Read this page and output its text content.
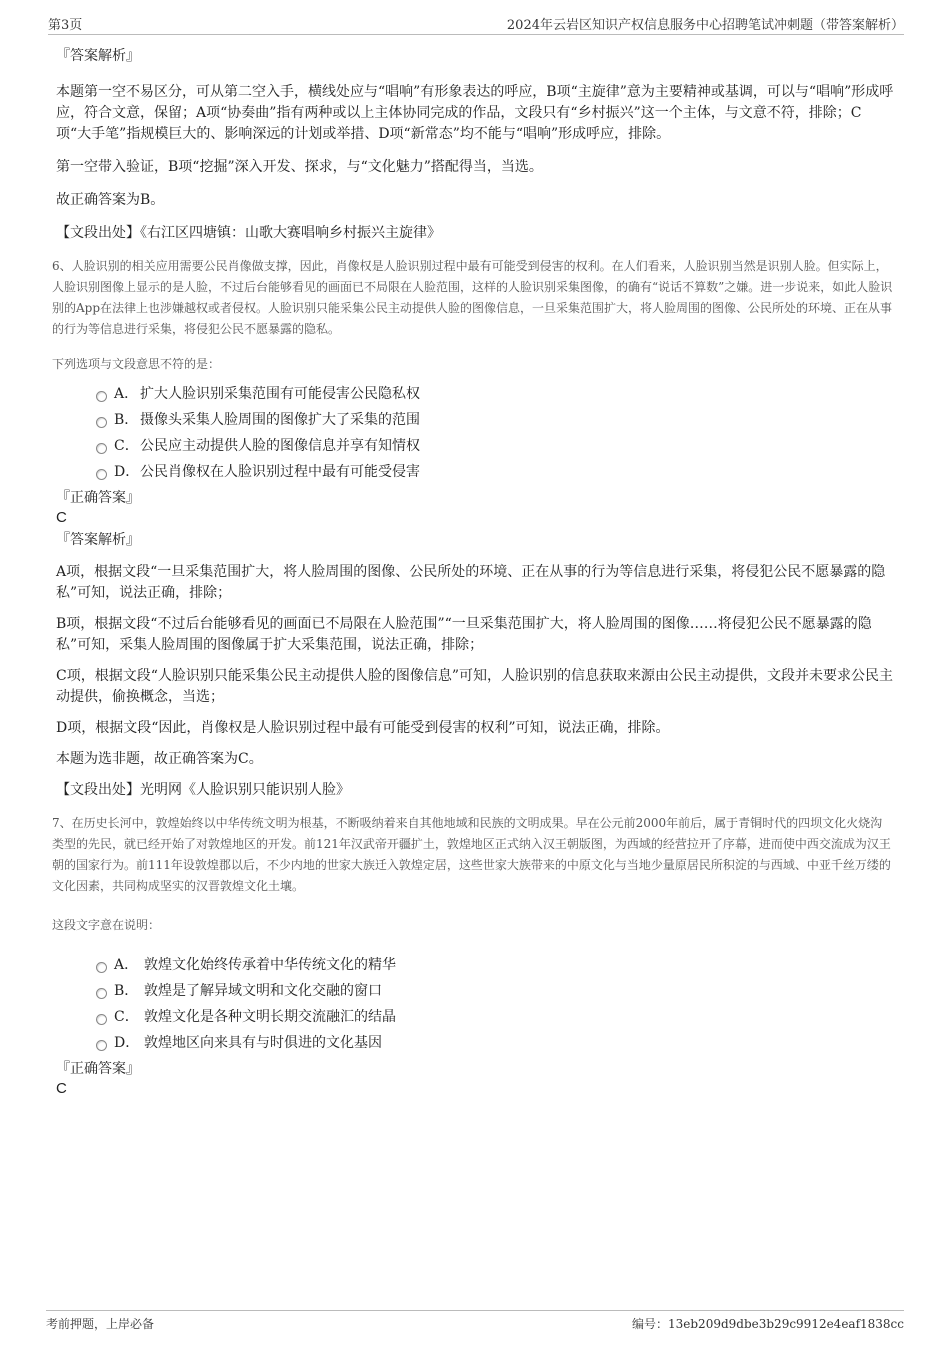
第3页	2024年云岩区知识产权信息服务中心招聘笔试冲刺题（带答案解析）

『答案解析』

本题第一空不易区分，可从第二空入手，横线处应与“唱响”有形象表达的呼应，B项“主旋律”意为主要精神或基调，可以与“唱响”形成呼应，符合文意，保留；A项“协奏曲”指有两种或以上主体协同完成的作品，文段只有“乡村振兴”这一个主体，与文意不符，排除；C项“大手笔”指规模巨大的、影响深远的计划或举措、D项“新常态”均不能与“唱响”形成呼应，排除。

第一空带入验证，B项“挖掘”深入开发、探求，与“文化魅力”搭配得当，当选。

故正确答案为B。

【文段出处】《右江区四塘镇：山歌大赛唱响乡村振兴主旋律》

6、人脸识别的相关应用需要公民肖像做支撑，因此，肖像权是人脸识别过程中最有可能受到侵害的权利。在人们看来，人脸识别当然是识别人脸。但实际上，人脸识别图像上显示的是人脸，不过后台能够看见的画面已不局限在人脸范围，这样的人脸识别采集图像，的确有“说话不算数”之嫌。进一步说来，如此人脸识别的App在法律上也涉嫌越权或者侵权。人脸识别只能采集公民主动提供人脸的图像信息，一旦采集范围扩大，将人脸周围的图像、公民所处的环境、正在从事的行为等信息进行采集，将侵犯公民不愿暴露的隐私。

下列选项与文段意思不符的是：

A． 扩大人脸识别采集范围有可能侵害公民隐私权
B． 摄像头采集人脸周围的图像扩大了采集的范围
C．公民应主动提供人脸的图像信息并享有知情权
D．公民肖像权在人脸识别过程中最有可能受侵害

『正确答案』

C

『答案解析』

A项，根据文段“一旦采集范围扩大，将人脸周围的图像、公民所处的环境、正在从事的行为等信息进行采集，将侵犯公民不愿暴露的隐私”可知，说法正确，排除；

B项，根据文段“不过后台能够看见的画面已不局限在人脸范围”“一旦采集范围扩大，将人脸周围的图像……将侵犯公民不愿暴露的隐私”可知，采集人脸周围的图像属于扩大采集范围，说法正确，排除；

C项，根据文段“人脸识别只能采集公民主动提供人脸的图像信息”可知，人脸识别的信息获取来源由公民主动提供，文段并未要求公民主动提供，偷换概念，当选；

D项，根据文段“因此，肖像权是人脸识别过程中最有可能受到侵害的权利”可知，说法正确，排除。

本题为选非题，故正确答案为C。

【文段出处】光明网《人脸识别只能识别人脸》

7、在历史长河中，敦煌始终以中华传统文明为根基，不断吸纳着来自其他地域和民族的文明成果。早在公元前2000年前后，属于青铜时代的四坝文化火烧沟类型的先民，就已经开始了对敦煌地区的开发。前121年汉武帝开疆扩土，敦煌地区正式纳入汉王朝版图，为西域的经营拉开了序幕，进而使中西交流成为汉王朝的国家行为。前111年设敦煌郡以后，不少内地的世家大族迁入敦煌定居，这些世家大族带来的中原文化与当地少量原居民所积淀的与西域、中亚千丝万缕的文化因素，共同构成坚实的汉晋敦煌文化土壤。

这段文字意在说明：

A． 敦煌文化始终传承着中华传统文化的精华
B． 敦煌是了解异域文明和文化交融的窗口
C． 敦煌文化是各种文明长期交流融汇的结晶
D． 敦煌地区向来具有与时俱进的文化基因

『正确答案』

C

考前押题，上岸必备	编号：13eb209d9dbe3b29c9912e4eaf1838cc
